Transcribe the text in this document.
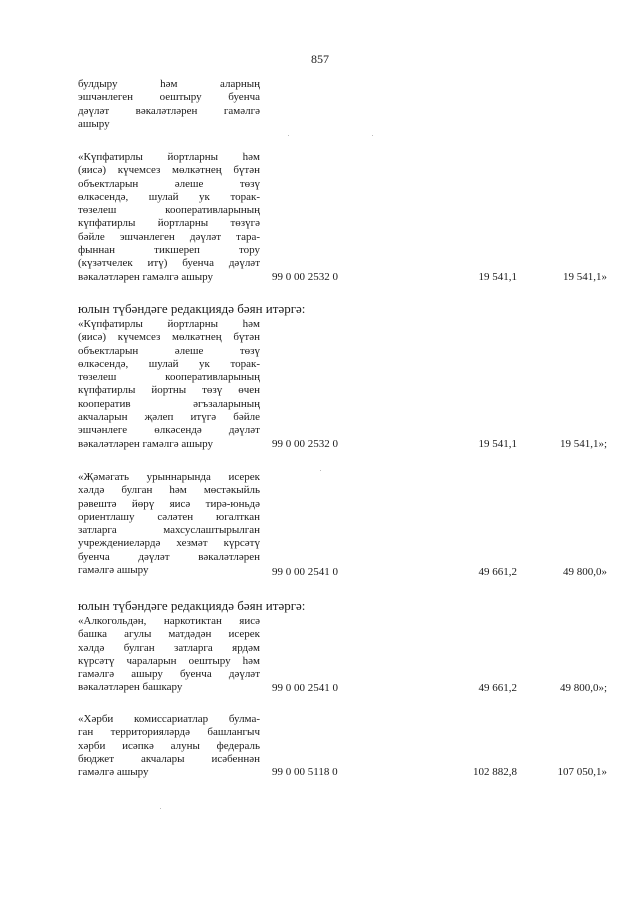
857
булдыру һәм аларның
эшчәнлеген оештыру буенча
дәүләт вәкаләтләрен гамәлгә
ашыру
«Күпфатирлы йортларны һәм
(яисә) күчемсез мөлкәтнең бүтән
объектларын әлеше төзү
өлкәсендә, шулай ук торак-
төзелеш кооперативларының
күпфатирлы йортларны төзүгә
бәйле эшчәнлеген дәүләт тара-
фыннан тикшереп тору
(күзәтчелек итү) буенча дәүләт
вәкаләтләрен гамәлгә ашыру	99 0 00 2532 0	19 541,1	19 541,1»
юлын түбәндәге редакциядә бәян итәргә:
«Күпфатирлы йортларны һәм
(яисә) күчемсез мөлкәтнең бүтән
объектларын әлеше төзү
өлкәсендә, шулай ук торак-
төзелеш кооперативларының
күпфатирлы йортны төзү өчен
кооператив әгъзаларының
акчаларын җәлеп итүгә бәйле
эшчәнлеге өлкәсендә дәүләт
вәкаләтләрен гамәлгә ашыру	99 0 00 2532 0	19 541,1	19 541,1»;
«Җәмәгать урыннарында исерек
хәлдә булган һәм мөстәкыйль
рәвештә йөрү яисә тирә-юньдә
ориентлашу сәләтен югалткан
затларга махсуслаштырылган
учреждениеләрдә хезмәт күрсәтү
буенча дәүләт вәкаләтләрен
гамәлгә ашыру	99 0 00 2541 0	49 661,2	49 800,0»
юлын түбәндәге редакциядә бәян итәргә:
«Алкогольдән, наркотиктан яисә
башка агулы матдәдән исерек
хәлдә булган затларга ярдәм
күрсәтү чараларын оештыру һәм
гамәлгә ашыру буенча дәүләт
вәкаләтләрен башкару	99 0 00 2541 0	49 661,2	49 800,0»;
«Хәрби комиссариатлар булма-
ган территорияләрдә башлангыч
хәрби исәпкә алуны федераль
бюджет акчалары исәбеннән
гамәлгә ашыру	99 0 00 5118 0	102 882,8	107 050,1»
